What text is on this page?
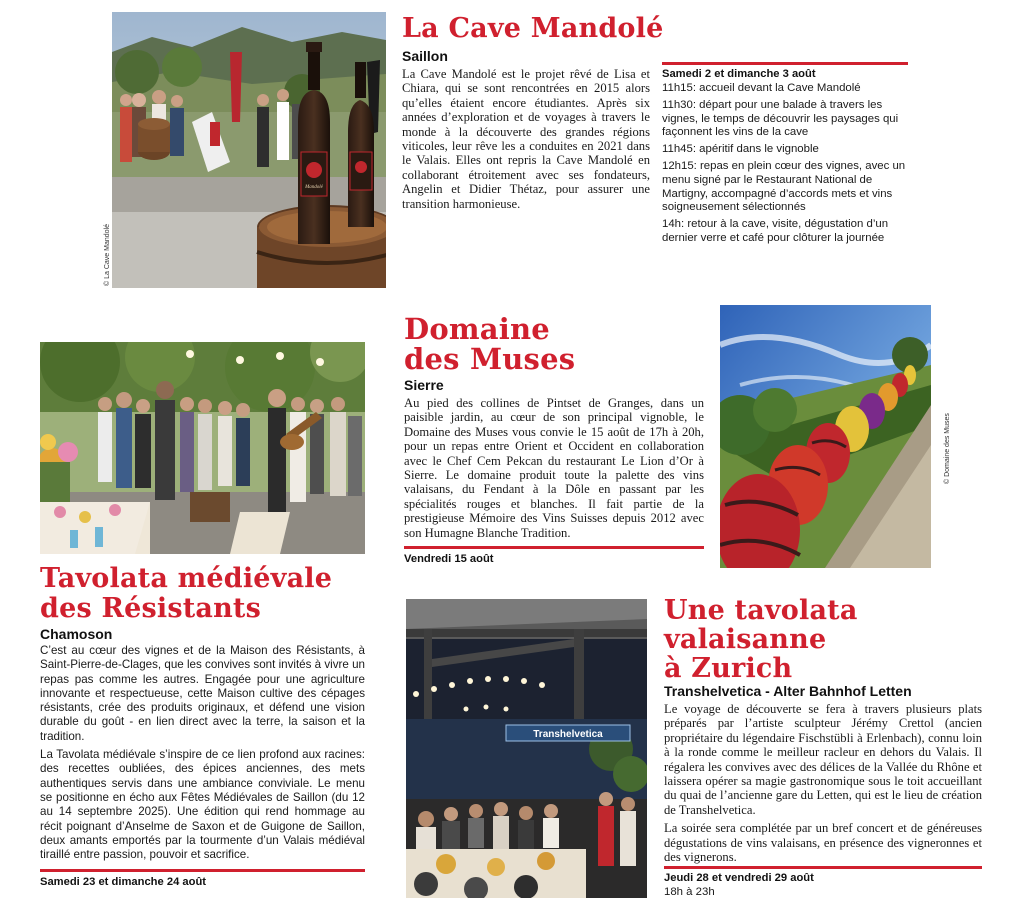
Mandolé
© La Cave Mandolé
La Cave Mandolé
Saillon
La Cave Mandolé est le projet rêvé de Lisa et Chiara, qui se sont rencontrées en 2015 alors qu’elles étaient encore étudiantes. Après six années d’exploration et de voyages à travers le monde à la découverte des grandes régions viticoles, leur rêve les a conduites en 2021 dans le Valais. Elles ont repris la Cave Mandolé en collaborant étroitement avec ses fondateurs, Angelin et Didier Thétaz, pour assurer une transition harmonieuse.
Samedi 2 et dimanche 3 août
11h15: accueil devant la Cave Mandolé
11h30: départ pour une balade à travers les vignes, le temps de découvrir les paysages qui façonnent les vins de la cave
11h45: apéritif dans le vignoble
12h15: repas en plein cœur des vignes, avec un menu signé par le Restaurant National de Martigny, accompagné d’accords mets et vins soigneusement sélectionnés
14h: retour à la cave, visite, dégustation d’un dernier verre et café pour clôturer la journée
Domaine
des Muses
Sierre
Au pied des collines de Pintset de Granges, dans un paisible jardin, au cœur de son principal vignoble, le Domaine des Muses vous convie le 15 août de 17h à 20h, pour un repas entre Orient et Occident en collaboration avec le Chef Cem Pekcan du restaurant Le Lion d’Or à Sierre. Le domaine produit toute la palette des vins valaisans, du Fendant à la Dôle en passant par les spécialités rouges et blanches. Il fait partie de la prestigieuse Mémoire des Vins Suisses depuis 2012 avec son Humagne Blanche Tradition.
Vendredi 15 août
© Domaine des Muses
Tavolata médiévale
des Résistants
Chamoson

C’est au cœur des vignes et de la Maison des Résistants, à Saint-Pierre-de-Clages, que les convives sont invités à vivre un repas pas comme les autres. Engagée pour une agriculture innovante et respectueuse, cette Maison cultive des cépages résistants, crée des produits originaux, et défend une vision durable du goût - en lien direct avec la terre, la saison et la tradition.

La Tavolata médiévale s’inspire de ce lien profond aux racines: des recettes oubliées, des épices anciennes, des mets authentiques servis dans une ambiance conviviale. Le menu se positionne en écho aux Fêtes Médiévales de Saillon (du 12 au 14 septembre 2025). Une édition qui rend hommage au récit poignant d’Anselme de Saxon et de Guigone de Saillon, deux amants emportés par la tourmente d’un Valais médiéval tiraillé entre passion, pouvoir et sacrifice.

Samedi 23 et dimanche 24 août
Transhelvetica
Une tavolata
valaisanne
à Zurich
Transhelvetica - Alter Bahnhof Letten

Le voyage de découverte se fera à travers plusieurs plats préparés par l’artiste sculpteur Jérémy Crettol (ancien propriétaire du légendaire Fischstübli à Erlenbach), connu loin à la ronde comme le meilleur racleur en dehors du Valais. Il régalera les convives avec des délices de la Vallée du Rhône et laissera opérer sa magie gastronomique sous le toit accueillant du quai de l’ancienne gare du Letten, qui est le lieu de création de Transhelvetica.

La soirée sera complétée par un bref concert et de généreuses dégustations de vins valaisans, en présence des vigneronnes et des vignerons.

Jeudi 28 et vendredi 29 août
18h à 23h
